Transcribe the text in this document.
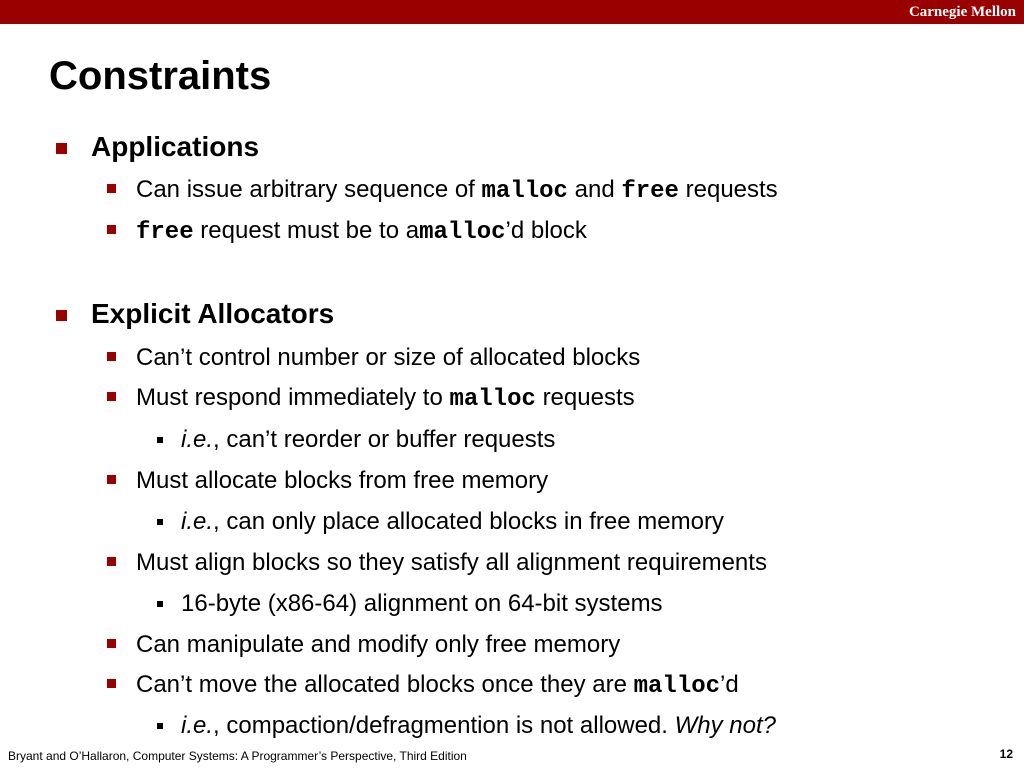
Carnegie Mellon
Constraints
Applications
Can issue arbitrary sequence of malloc and free requests
free request must be to amalloc’d block
Explicit Allocators
Can’t control number or size of allocated blocks
Must respond immediately to malloc requests
i.e., can’t reorder or buffer requests
Must allocate blocks from free memory
i.e., can only place allocated blocks in free memory
Must align blocks so they satisfy all alignment requirements
16-byte (x86-64) alignment on 64-bit systems
Can manipulate and modify only free memory
Can’t move the allocated blocks once they are malloc’d
i.e., compaction/defragmention is not allowed. Why not?
Bryant and O’Hallaron, Computer Systems: A Programmer’s Perspective, Third Edition	12
